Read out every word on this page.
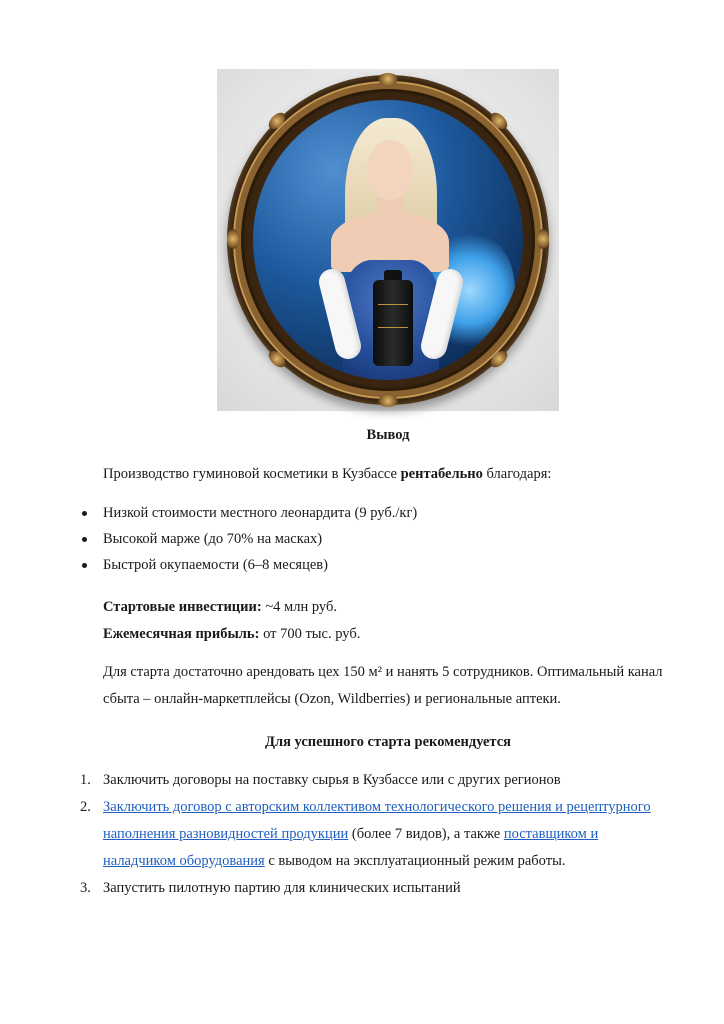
Вывод
Производство гуминовой косметики в Кузбассе рентабельно благодаря:
Низкой стоимости местного леонардита (9 руб./кг)
Высокой марже (до 70% на масках)
Быстрой окупаемости (6–8 месяцев)
Стартовые инвестиции: ~4 млн руб.
Ежемесячная прибыль: от 700 тыс. руб.
Для старта достаточно арендовать цех 150 м² и нанять 5 сотрудников. Оптимальный канал
сбыта – онлайн-маркетплейсы (Ozon, Wildberries) и региональные аптеки.
Для успешного старта рекомендуется
1. Заключить договоры на поставку сырья в Кузбассе или с других регионов
2. Заключить договор с авторским коллективом технологического решения и рецептурного
наполнения разновидностей продукции (более 7 видов), а также поставщиком и
наладчиком оборудования с выводом на эксплуатационный режим работы.
3. Запустить пилотную партию для клинических испытаний
